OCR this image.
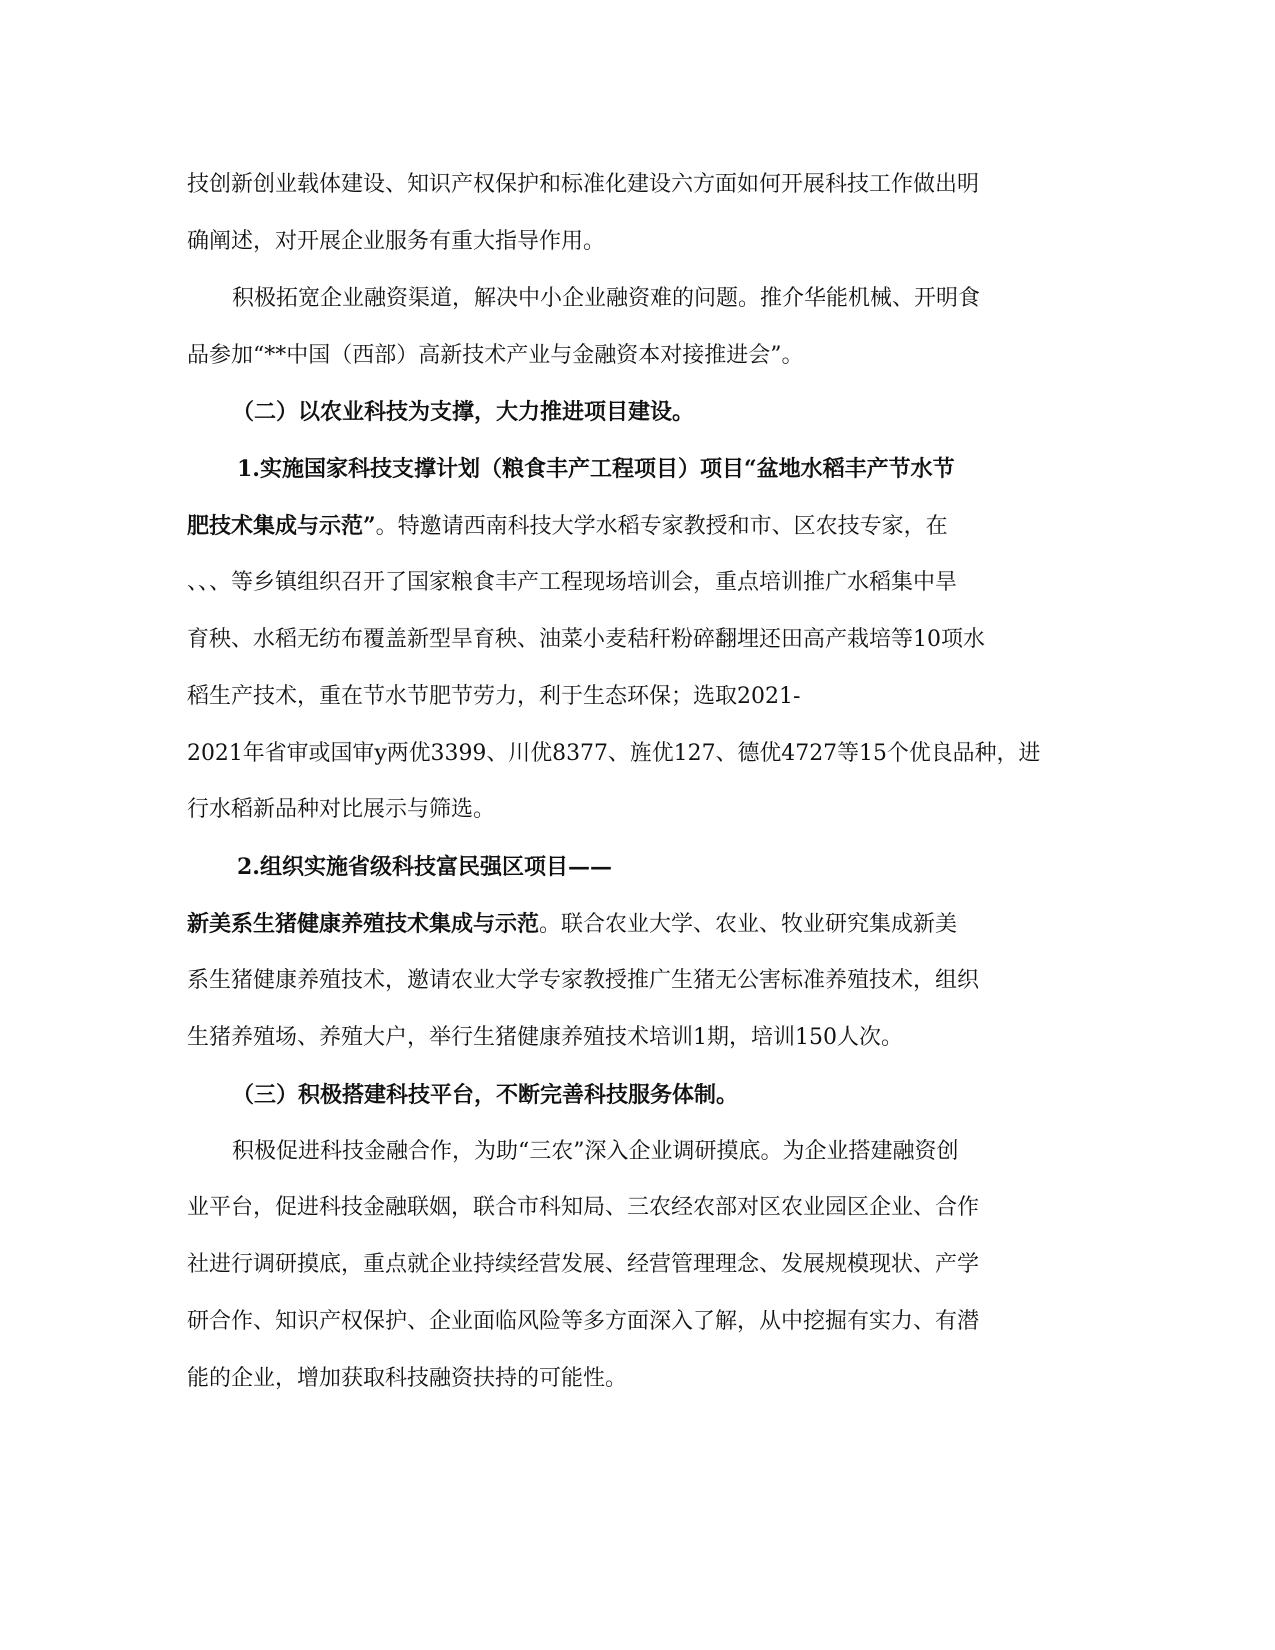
技创新创业载体建设、知识产权保护和标准化建设六方面如何开展科技工作做出明
确阐述，对开展企业服务有重大指导作用。
积极拓宽企业融资渠道，解决中小企业融资难的问题。推介华能机械、开明食
品参加“**中国（西部）高新技术产业与金融资本对接推进会”。
（二）以农业科技为支撑，大力推进项目建设。
1.实施国家科技支撑计划（粮食丰产工程项目）项目“盆地水稻丰产节水节
肥技术集成与示范”。特邀请西南科技大学水稻专家教授和市、区农技专家，在
、、、等乡镇组织召开了国家粮食丰产工程现场培训会，重点培训推广水稻集中旱
育秧、水稻无纺布覆盖新型旱育秧、油菜小麦秸秆粉碎翻埋还田高产栽培等10项水
稻生产技术，重在节水节肥节劳力，利于生态环保；选取2021-
2021年省审或国审y两优3399、川优8377、旌优127、德优4727等15个优良品种，进
行水稻新品种对比展示与筛选。
2.组织实施省级科技富民强区项目——
新美系生猪健康养殖技术集成与示范。联合农业大学、农业、牧业研究集成新美
系生猪健康养殖技术，邀请农业大学专家教授推广生猪无公害标准养殖技术，组织
生猪养殖场、养殖大户，举行生猪健康养殖技术培训1期，培训150人次。
（三）积极搭建科技平台，不断完善科技服务体制。
积极促进科技金融合作，为助“三农”深入企业调研摸底。为企业搭建融资创
业平台，促进科技金融联姻，联合市科知局、三农经农部对区农业园区企业、合作
社进行调研摸底，重点就企业持续经营发展、经营管理理念、发展规模现状、产学
研合作、知识产权保护、企业面临风险等多方面深入了解，从中挖掘有实力、有潜
能的企业，增加获取科技融资扶持的可能性。
